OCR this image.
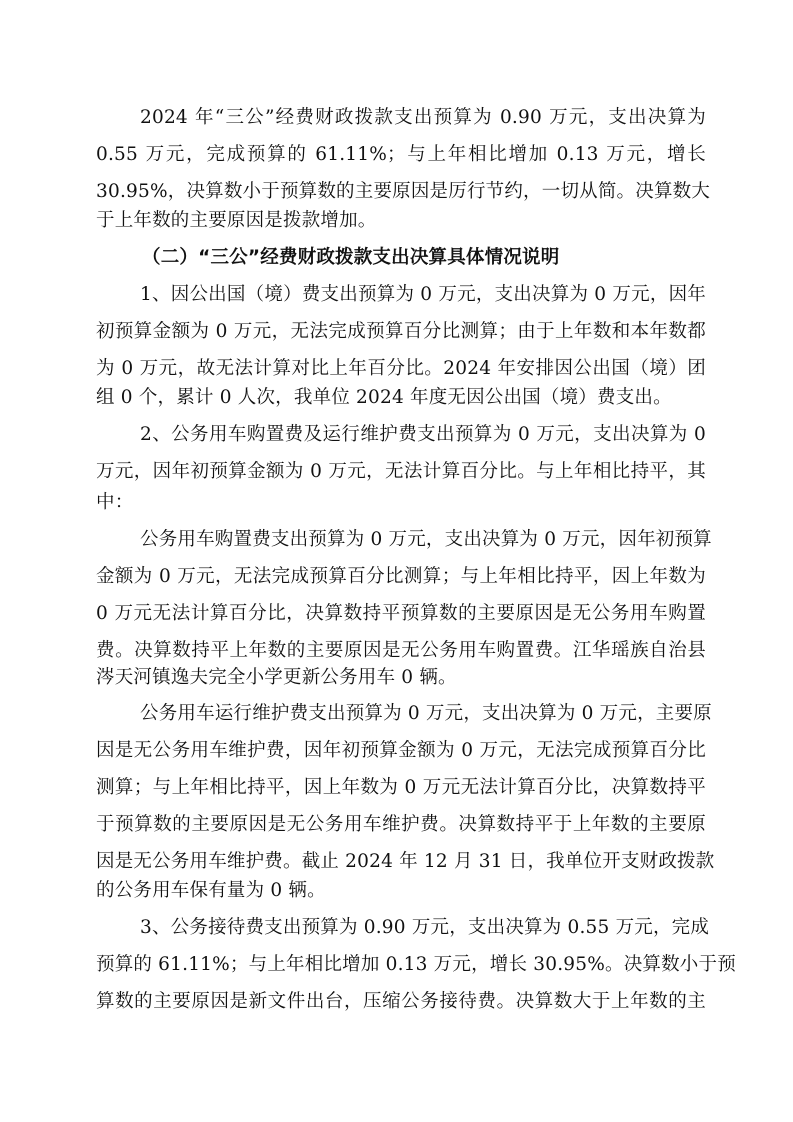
2024 年“三公”经费财政拨款支出预算为 0.90 万元，支出决算为
0.55 万元，完成预算的 61.11%；与上年相比增加 0.13 万元，增长
30.95%，决算数小于预算数的主要原因是厉行节约，一切从简。决算数大
于上年数的主要原因是拨款增加。
（二）“三公”经费财政拨款支出决算具体情况说明
1、因公出国（境）费支出预算为 0 万元，支出决算为 0 万元，因年
初预算金额为 0 万元，无法完成预算百分比测算；由于上年数和本年数都
为 0 万元，故无法计算对比上年百分比。2024 年安排因公出国（境）团
组 0 个，累计 0 人次，我单位 2024 年度无因公出国（境）费支出。
2、公务用车购置费及运行维护费支出预算为 0 万元，支出决算为 0
万元，因年初预算金额为 0 万元，无法计算百分比。与上年相比持平，其
中：
公务用车购置费支出预算为 0 万元，支出决算为 0 万元，因年初预算
金额为 0 万元，无法完成预算百分比测算；与上年相比持平，因上年数为
0 万元无法计算百分比，决算数持平预算数的主要原因是无公务用车购置
费。决算数持平上年数的主要原因是无公务用车购置费。江华瑶族自治县
涔天河镇逸夫完全小学更新公务用车 0 辆。
公务用车运行维护费支出预算为 0 万元，支出决算为 0 万元，主要原
因是无公务用车维护费，因年初预算金额为 0 万元，无法完成预算百分比
测算；与上年相比持平，因上年数为 0 万元无法计算百分比，决算数持平
于预算数的主要原因是无公务用车维护费。决算数持平于上年数的主要原
因是无公务用车维护费。截止 2024 年 12 月 31 日，我单位开支财政拨款
的公务用车保有量为 0 辆。
3、公务接待费支出预算为 0.90 万元，支出决算为 0.55 万元，完成
预算的 61.11%；与上年相比增加 0.13 万元，增长 30.95%。决算数小于预
算数的主要原因是新文件出台，压缩公务接待费。决算数大于上年数的主
